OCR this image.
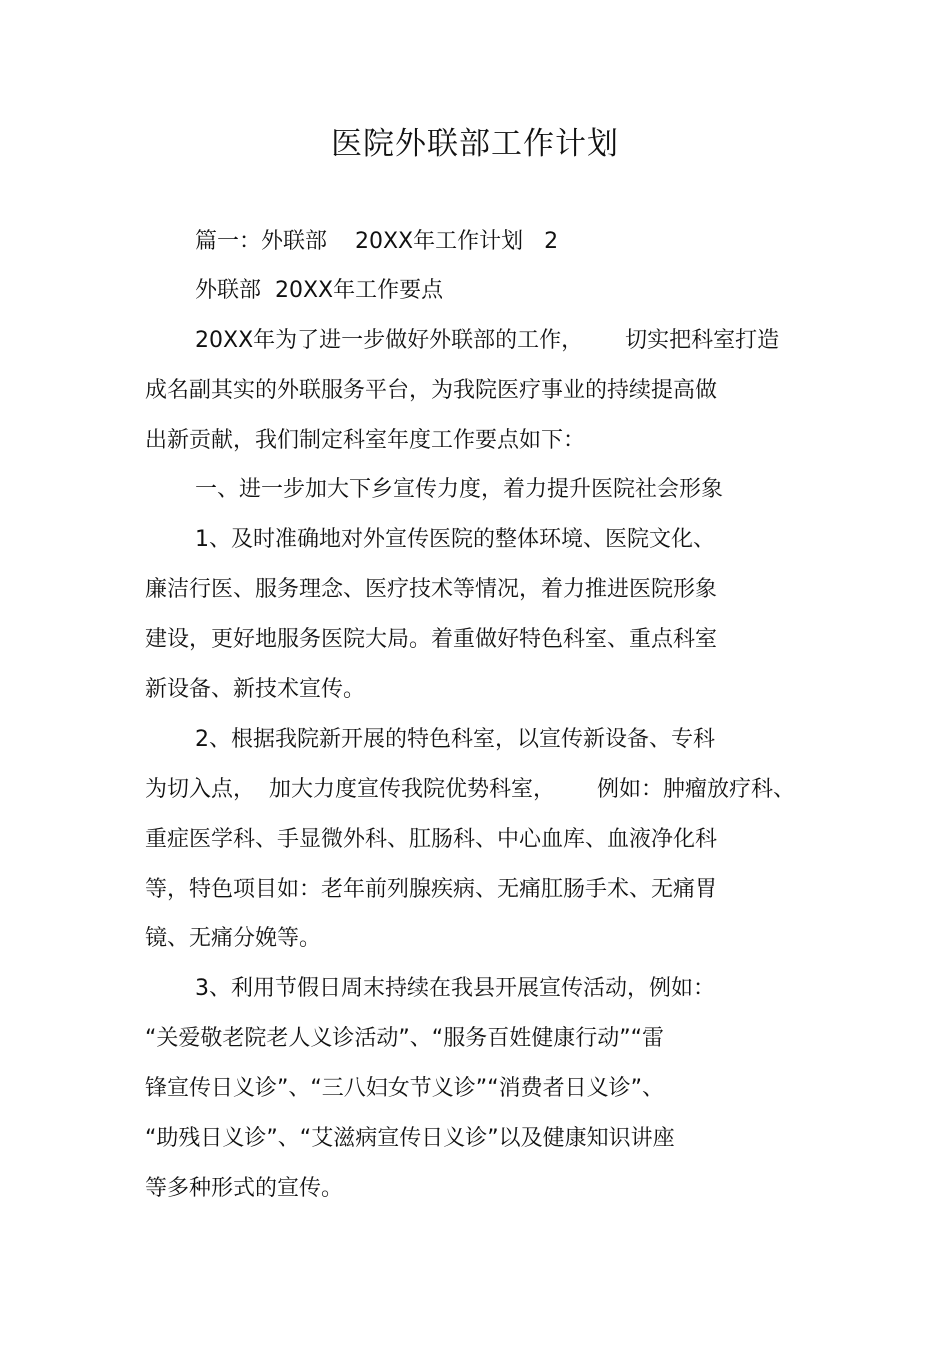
医院外联部工作计划
篇一：外联部    20XX年工作计划   2
外联部  20XX年工作要点
20XX年为了进一步做好外联部的工作，      切实把科室打造
成名副其实的外联服务平台，为我院医疗事业的持续提高做
出新贡献，我们制定科室年度工作要点如下：
一、进一步加大下乡宣传力度，着力提升医院社会形象
1、及时准确地对外宣传医院的整体环境、医院文化、
廉洁行医、服务理念、医疗技术等情况，着力推进医院形象
建设，更好地服务医院大局。着重做好特色科室、重点科室
新设备、新技术宣传。
2、根据我院新开展的特色科室，以宣传新设备、专科
为切入点，  加大力度宣传我院优势科室，      例如：肿瘤放疗科、
重症医学科、手显微外科、肛肠科、中心血库、血液净化科
等，特色项目如：老年前列腺疾病、无痛肛肠手术、无痛胃
镜、无痛分娩等。
3、利用节假日周末持续在我县开展宣传活动，例如：
“关爱敬老院老人义诊活动”、“服务百姓健康行动”“雷
锋宣传日义诊”、“三八妇女节义诊”“消费者日义诊”、
“助残日义诊”、“艾滋病宣传日义诊”以及健康知识讲座
等多种形式的宣传。
